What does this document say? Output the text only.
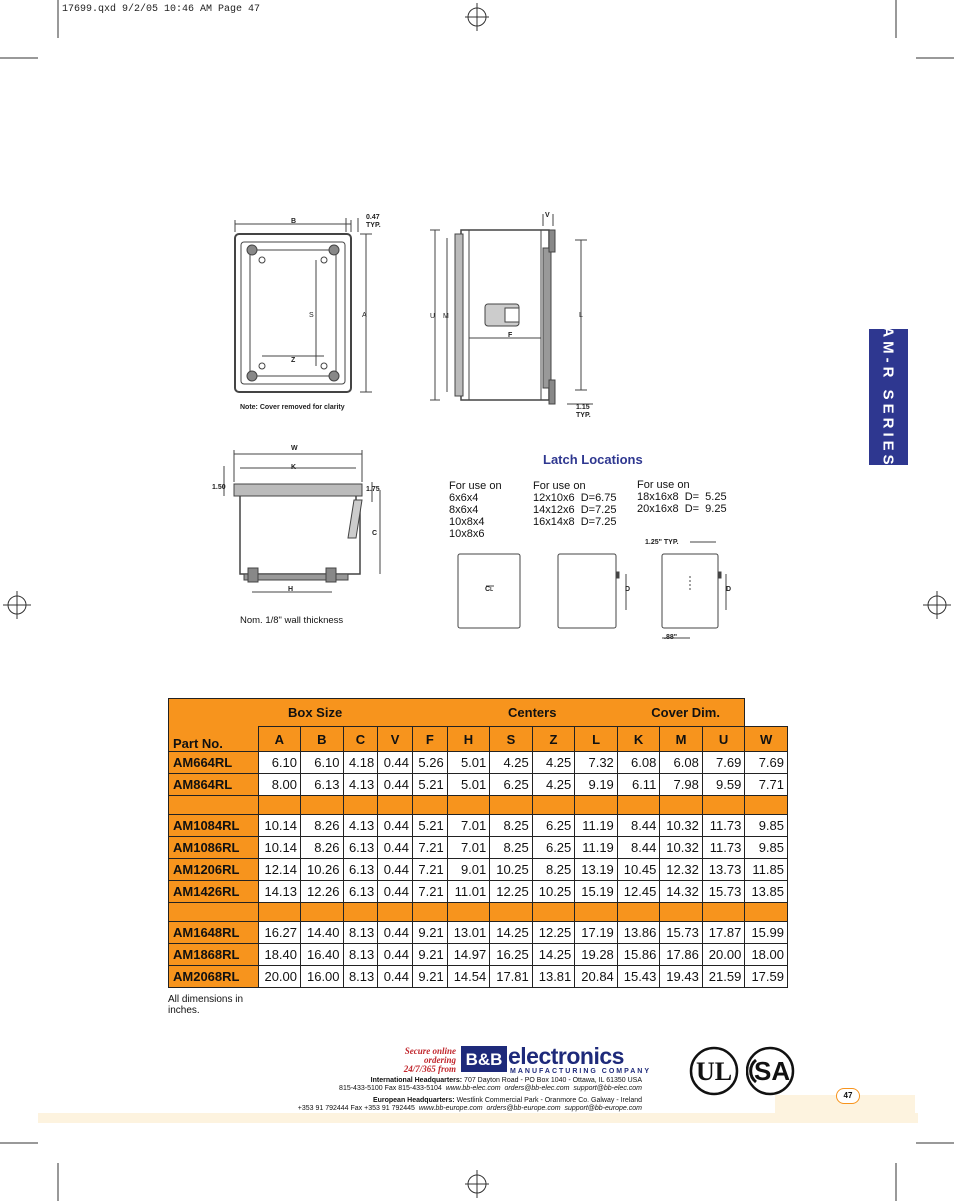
17699.qxd 9/2/05 10:46 AM Page 47
AM-R SERIES
B
0.47
TYP.
S	A
Z
Note: Cover removed for clarity
V
U M
F
L
1.15
TYP.
W
K
1.50	1.75
C
H
Nom. 1/8" wall thickness
Latch Locations
For use on
6x6x4
8x6x4
10x8x4
10x8x6
For use on
12x10x6  D=6.75
14x12x6  D=7.25
16x14x8  D=7.25
For use on
18x16x8  D=  5.25
20x16x8  D=  9.25
CL	D	D
1.25" TYP.
.88"
	Box Size					Centers				Cover Dim.			
Part No.	A	B	C	V	F	H	S	Z	L	K	M	U	W
AM664RL	6.10	6.10	4.18	0.44	5.26	5.01	4.25	4.25	7.32	6.08	6.08	7.69	7.69
AM864RL	8.00	6.13	4.13	0.44	5.21	5.01	6.25	4.25	9.19	6.11	7.98	9.59	7.71

AM1084RL	10.14	8.26	4.13	0.44	5.21	7.01	8.25	6.25	11.19	8.44	10.32	11.73	9.85
AM1086RL	10.14	8.26	6.13	0.44	7.21	7.01	8.25	6.25	11.19	8.44	10.32	11.73	9.85
AM1206RL	12.14	10.26	6.13	0.44	7.21	9.01	10.25	8.25	13.19	10.45	12.32	13.73	11.85
AM1426RL	14.13	12.26	6.13	0.44	7.21	11.01	12.25	10.25	15.19	12.45	14.32	15.73	13.85

AM1648RL	16.27	14.40	8.13	0.44	9.21	13.01	14.25	12.25	17.19	13.86	15.73	17.87	15.99
AM1868RL	18.40	16.40	8.13	0.44	9.21	14.97	16.25	14.25	19.28	15.86	17.86	20.00	18.00
AM2068RL	20.00	16.00	8.13	0.44	9.21	14.54	17.81	13.81	20.84	15.43	19.43	21.59	17.59
All dimensions in
inches.
Secure online
ordering
24/7/365 from B&B electronics
MANUFACTURING COMPANY
International Headquarters: 707 Dayton Road - PO Box 1040 - Ottawa, IL 61350 USA
815-433-5100 Fax 815-433-5104 www.bb-elec.com orders@bb-elec.com support@bb-elec.com
European Headquarters: Westlink Commercial Park - Oranmore Co. Galway - Ireland
+353 91 792444 Fax +353 91 792445 www.bb-europe.com orders@bb-europe.com support@bb-europe.com
UL SA
47
